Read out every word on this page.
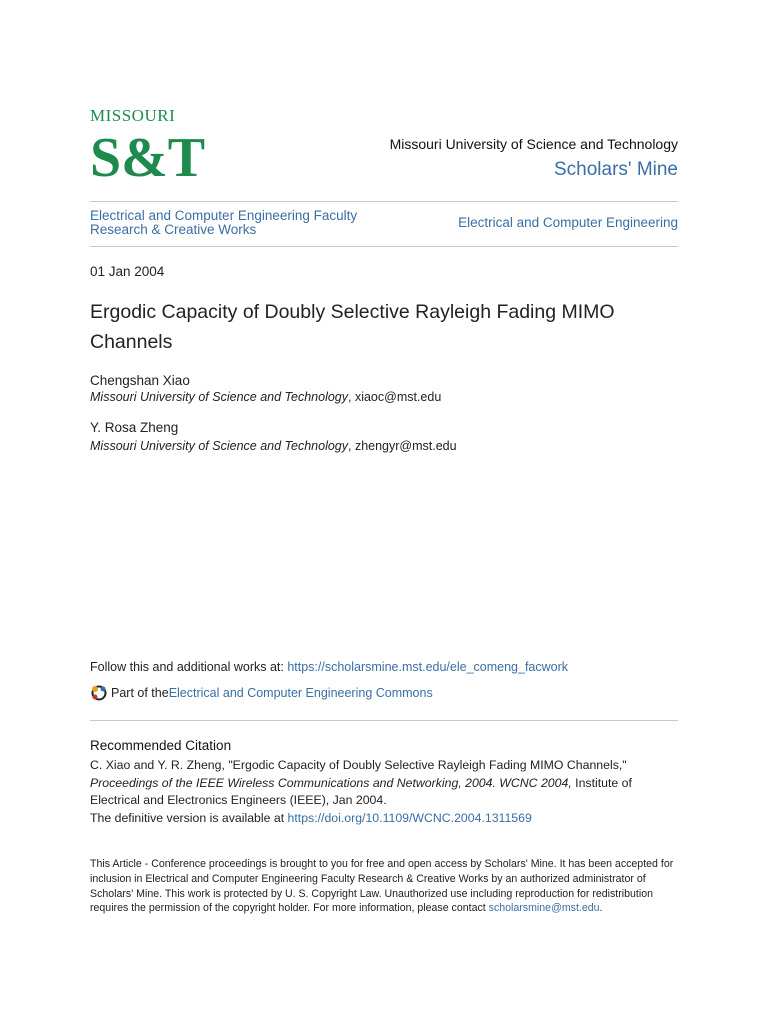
MISSOURI
S&T	Missouri University of Science and Technology
Scholars' Mine
Electrical and Computer Engineering Faculty Research & Creative Works	Electrical and Computer Engineering
01 Jan 2004
Ergodic Capacity of Doubly Selective Rayleigh Fading MIMO Channels
Chengshan Xiao
Missouri University of Science and Technology, xiaoc@mst.edu
Y. Rosa Zheng
Missouri University of Science and Technology, zhengyr@mst.edu
Follow this and additional works at: https://scholarsmine.mst.edu/ele_comeng_facwork
Part of the Electrical and Computer Engineering Commons
Recommended Citation
C. Xiao and Y. R. Zheng, "Ergodic Capacity of Doubly Selective Rayleigh Fading MIMO Channels,"
Proceedings of the IEEE Wireless Communications and Networking, 2004. WCNC 2004, Institute of Electrical and Electronics Engineers (IEEE), Jan 2004.
The definitive version is available at https://doi.org/10.1109/WCNC.2004.1311569
This Article - Conference proceedings is brought to you for free and open access by Scholars' Mine. It has been accepted for inclusion in Electrical and Computer Engineering Faculty Research & Creative Works by an authorized administrator of Scholars' Mine. This work is protected by U. S. Copyright Law. Unauthorized use including reproduction for redistribution requires the permission of the copyright holder. For more information, please contact scholarsmine@mst.edu.
